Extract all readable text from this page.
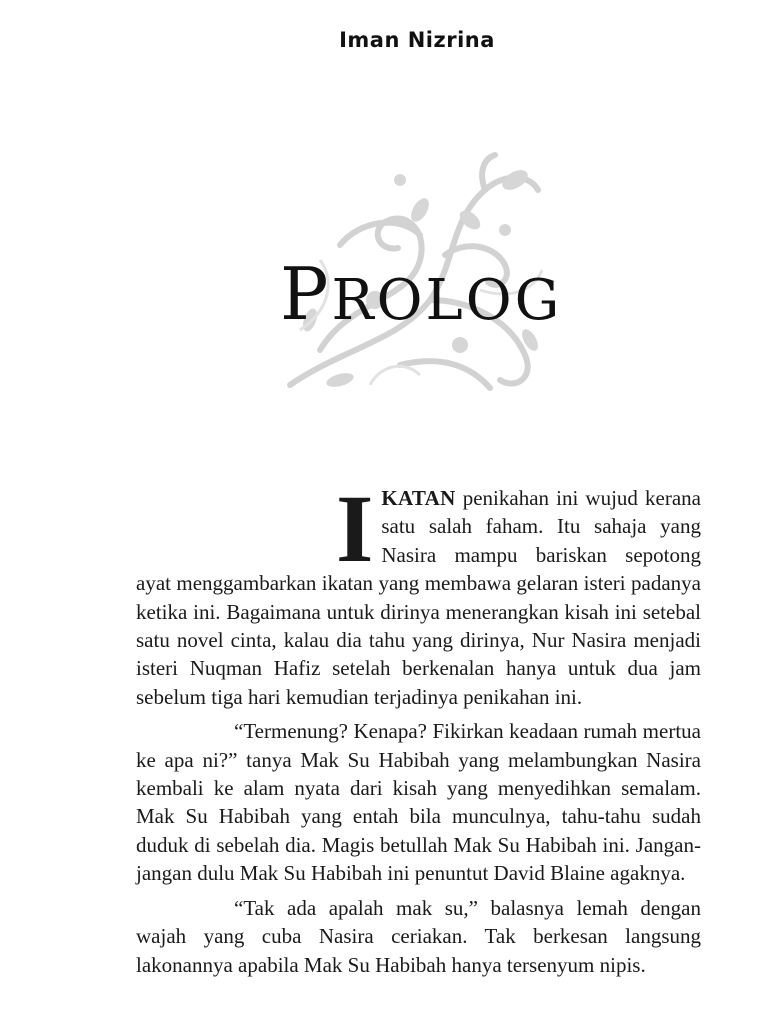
Iman Nizrina
PROLOG

IKATAN penikahan ini wujud kerana satu salah faham. Itu sahaja yang Nasira mampu bariskan sepotong ayat menggambarkan ikatan yang membawa gelaran isteri padanya ketika ini. Bagaimana untuk dirinya menerangkan kisah ini setebal satu novel cinta, kalau dia tahu yang dirinya, Nur Nasira menjadi isteri Nuqman Hafiz setelah berkenalan hanya untuk dua jam sebelum tiga hari kemudian terjadinya penikahan ini.

“Termenung? Kenapa? Fikirkan keadaan rumah mertua ke apa ni?” tanya Mak Su Habibah yang melambungkan Nasira kembali ke alam nyata dari kisah yang menyedihkan semalam. Mak Su Habibah yang entah bila munculnya, tahu-tahu sudah duduk di sebelah dia. Magis betullah Mak Su Habibah ini. Jangan-jangan dulu Mak Su Habibah ini penuntut David Blaine agaknya.

“Tak ada apalah mak su,” balasnya lemah dengan wajah yang cuba Nasira ceriakan. Tak berkesan langsung lakonannya apabila Mak Su Habibah hanya tersenyum nipis.
